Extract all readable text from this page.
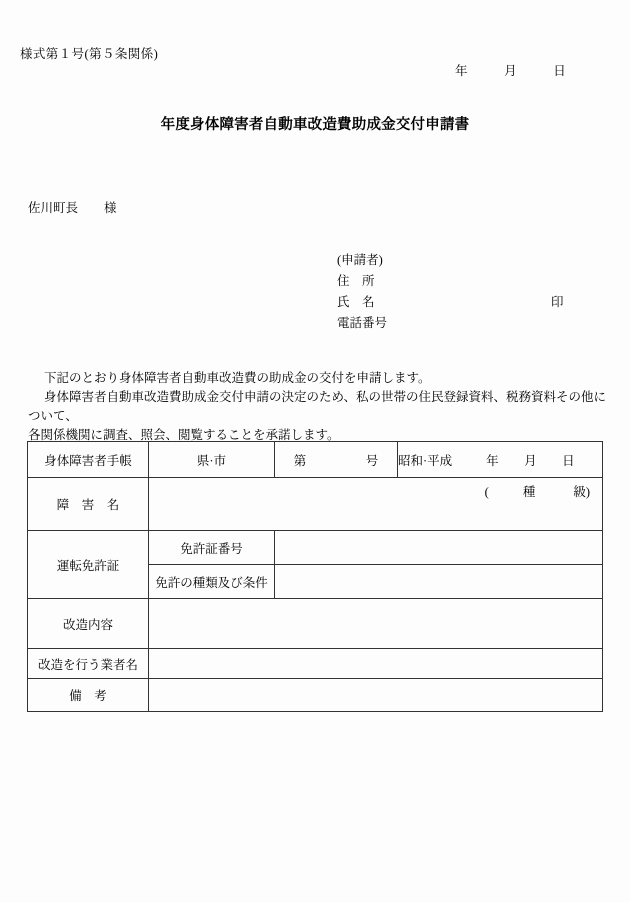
様式第１号(第５条関係)
年	月	日
年度身体障害者自動車改造費助成金交付申請書
佐川町長 様
(申請者)
住　所
氏　名	印
電話番号

下記のとおり身体障害者自動車改造費の助成金の交付を申請します。

身体障害者自動車改造費助成金交付申請の決定のため、私の世帯の住民登録資料、税務資料その他について、

各関係機関に調査、照会、閲覧することを承諾します。

身体障害者手帳	県·市	第 号	昭和·平成 年 月 日
障　害　名	( 種 級)		

運転免許証	免許証番号		
	免許の種類及び条件		
改造内容			
改造を行う業者名			
備　考			
